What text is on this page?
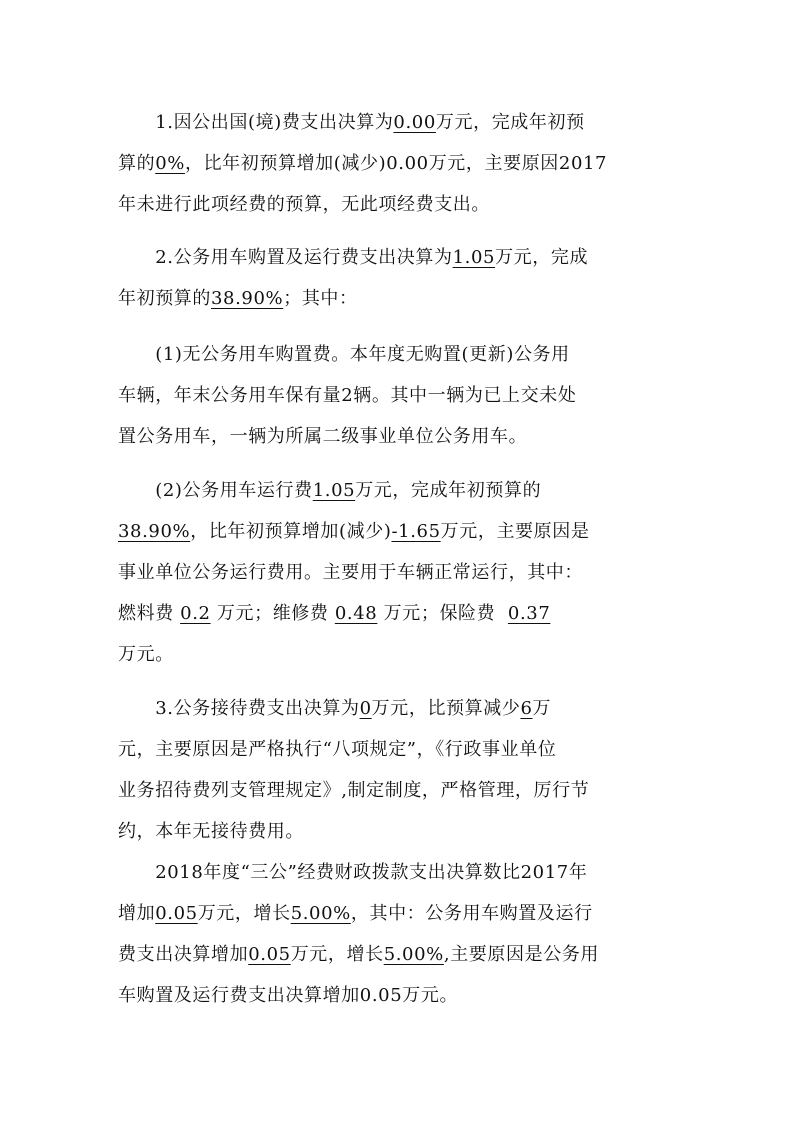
　　1.因公出国(境)费支出决算为0.00万元，完成年初预
算的0%，比年初预算增加(减少)0.00万元，主要原因2017
年未进行此项经费的预算，无此项经费支出。
　　2.公务用车购置及运行费支出决算为1.05万元，完成
年初预算的38.90%；其中：
　　(1)无公务用车购置费。本年度无购置(更新)公务用
车辆，年末公务用车保有量2辆。其中一辆为已上交未处
置公务用车，一辆为所属二级事业单位公务用车。
　　(2)公务用车运行费1.05万元，完成年初预算的
38.90%，比年初预算增加(减少)-1.65万元，主要原因是
事业单位公务运行费用。主要用于车辆正常运行，其中：
燃料费 0.2 万元；维修费 0.48 万元；保险费 0.37
万元。
　　3.公务接待费支出决算为0万元，比预算减少6万
元，主要原因是严格执行“八项规定”，《行政事业单位
业务招待费列支管理规定》,制定制度，严格管理，厉行节
约，本年无接待费用。
　　2018年度“三公”经费财政拨款支出决算数比2017年
增加0.05万元，增长5.00%，其中：公务用车购置及运行
费支出决算增加0.05万元，增长5.00%,主要原因是公务用
车购置及运行费支出决算增加0.05万元。
